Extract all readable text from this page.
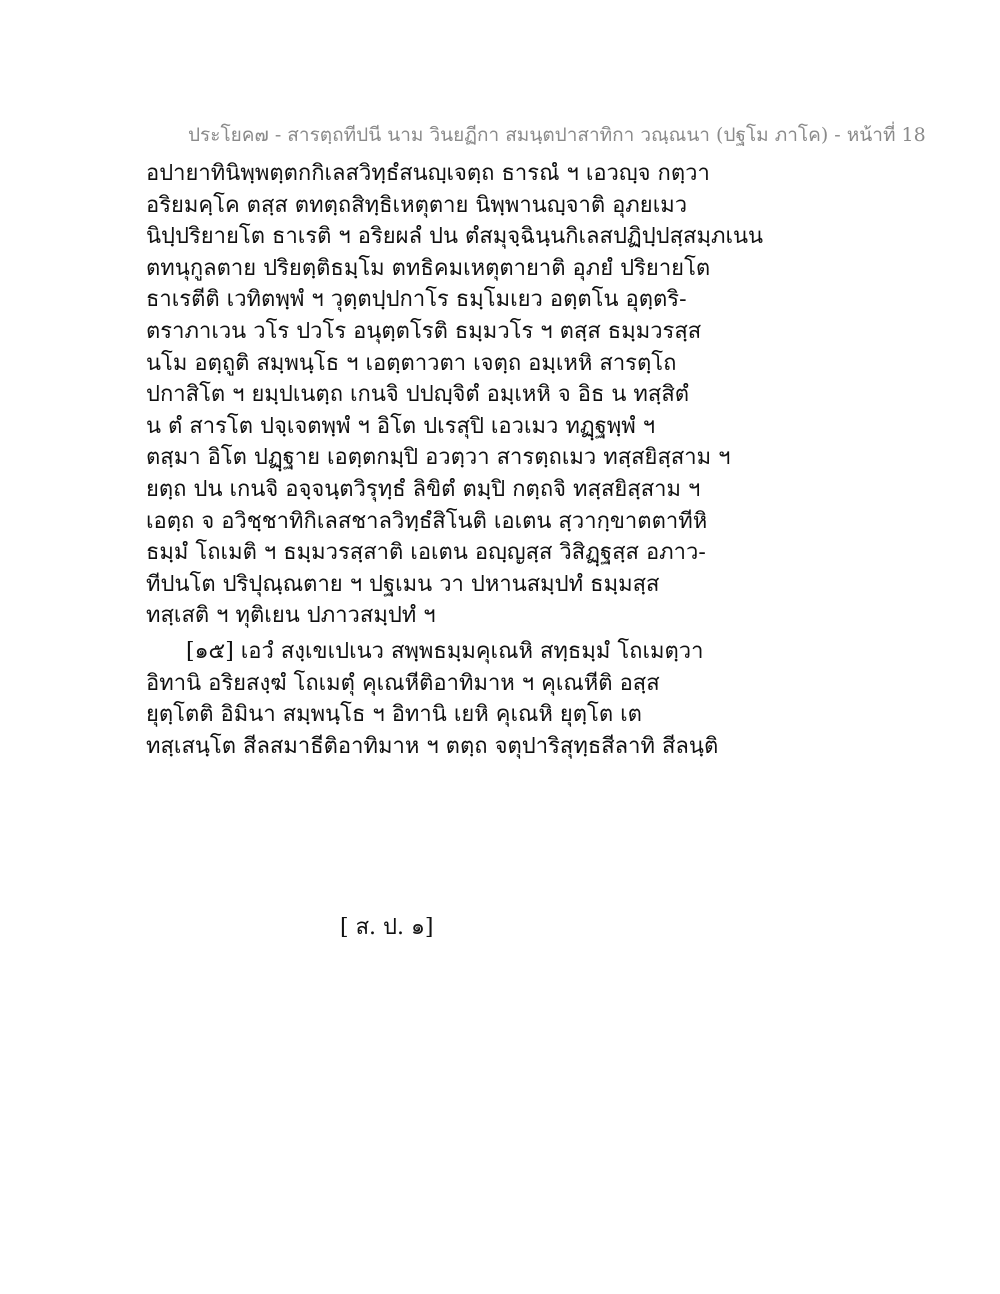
ประโยค๗ - สารตฺถทีปนี นาม วินยฏีกา สมนฺตปาสาทิกา วณฺณนา (ปฐโม ภาโค) - หน้าที่ 18
อปายาทินิพฺพตฺตกกิเลสวิทฺธํสนญฺเจตฺถ ธารณํ ฯ เอวญฺจ กตฺวา
อริยมคฺโค ตสฺส ตทตฺถสิทฺธิเหตุตาย นิพฺพานญฺจาติ อุภยเมว
นิปฺปริยายโต ธาเรติ ฯ อริยผลํ ปน ตํสมุจฺฉินฺนกิเลสปฏิปฺปสฺสมฺภเนน
ตทนุกูลตาย ปริยตฺติธมฺโม ตทธิคมเหตุตายาติ อุภยํ ปริยายโต
ธาเรตีติ เวทิตพฺพํ ฯ วุตฺตปฺปกาโร ธมฺโมเยว อตฺตโน อุตฺตริ-
ตราภาเวน วโร ปวโร อนุตฺตโรติ ธมฺมวโร ฯ ตสฺส ธมฺมวรสฺส
นโม อตฺถูติ สมฺพนฺโธ ฯ เอตฺตาวตา เจตฺถ อมฺเหหิ สารตฺโถ
ปกาสิโต ฯ ยมฺปเนตฺถ เกนจิ ปปญฺจิตํ อมฺเหหิ จ อิธ น ทสฺสิตํ
น ตํ สารโต ปจฺเจตพฺพํ ฯ อิโต ปเรสุปิ เอวเมว ทฏฺฐพฺพํ ฯ
ตสฺมา อิโต ปฏฺฐาย เอตฺตกมฺปิ อวตฺวา สารตฺถเมว ทสฺสยิสฺสาม ฯ
ยตฺถ ปน เกนจิ อจฺจนฺตวิรุทฺธํ ลิขิตํ ตมฺปิ กตฺถจิ ทสฺสยิสฺสาม ฯ
เอตฺถ จ อวิชฺชาทิกิเลสชาลวิทฺธํสิโนติ เอเตน สฺวากฺขาตตาทีหิ
ธมฺมํ โถเมติ ฯ ธมฺมวรสฺสาติ เอเตน อญฺญสฺส วิสิฏฺฐสฺส อภาว-
ทีปนโต ปริปุณฺณตาย ฯ ปฐเมน วา ปหานสมฺปทํ ธมฺมสฺส
ทสฺเสติ ฯ ทุติเยน ปภาวสมฺปทํ ฯ
[๑๕] เอวํ สงฺเขเปเนว สพฺพธมฺมคุเณหิ สทฺธมฺมํ โถเมตฺวา
อิทานิ อริยสงฺฆํ โถเมตุํ คุเณหีติอาทิมาห ฯ คุเณหีติ อสฺส
ยุตฺโตติ อิมินา สมฺพนฺโธ ฯ อิทานิ เยหิ คุเณหิ ยุตฺโต เต
ทสฺเสนฺโต สีลสมาธีติอาทิมาห ฯ ตตฺถ จตุปาริสุทฺธสีลาทิ สีลนฺติ
[ ส. ป. ๑]
